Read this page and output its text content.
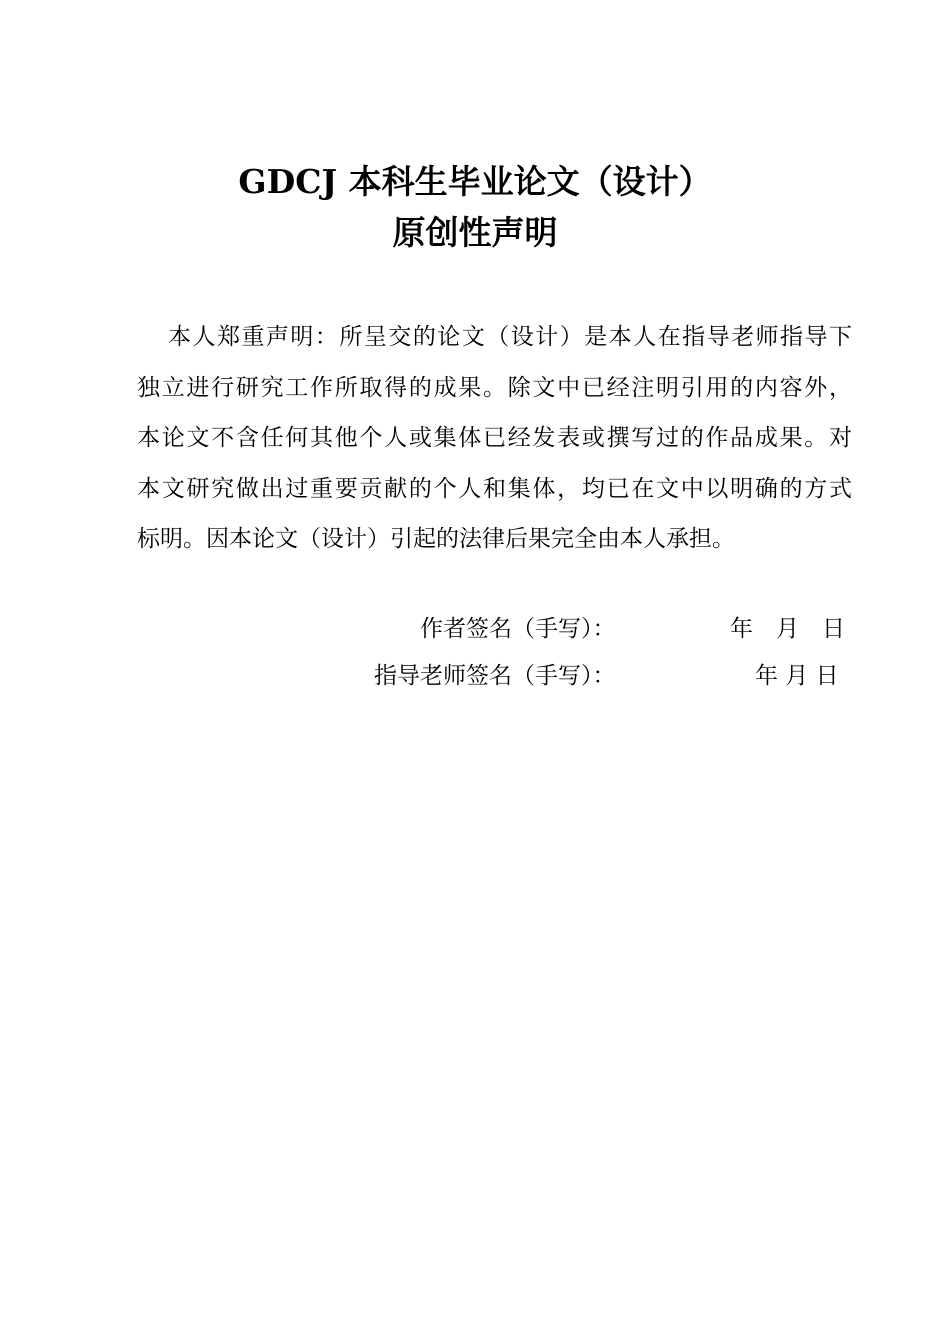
GDCJ 本科生毕业论文（设计）
原创性声明
本人郑重声明：所呈交的论文（设计）是本人在指导老师指导下
独立进行研究工作所取得的成果。除文中已经注明引用的内容外，
本论文不含任何其他个人或集体已经发表或撰写过的作品成果。对
本文研究做出过重要贡献的个人和集体，均已在文中以明确的方式
标明。因本论文（设计）引起的法律后果完全由本人承担。
作者签名（手写）：	年　月　日
指导老师签名（手写）：	年 月 日
